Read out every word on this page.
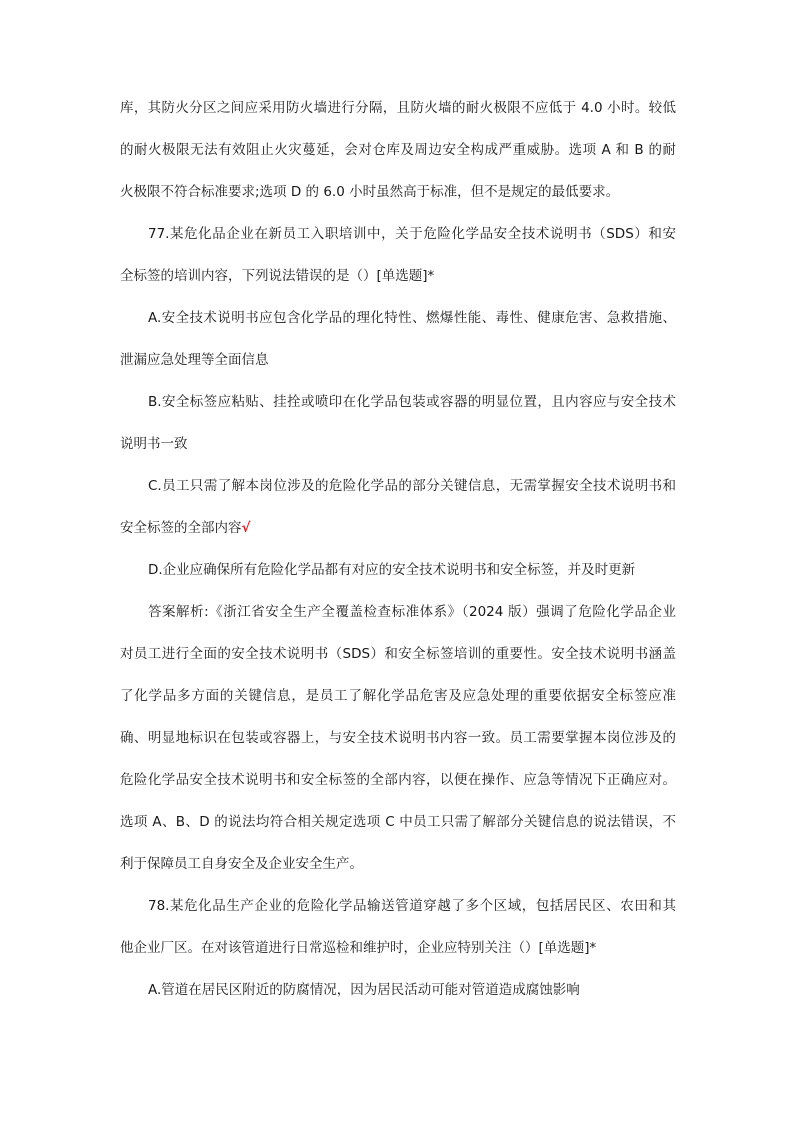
库，其防火分区之间应采用防火墙进行分隔，且防火墙的耐火极限不应低于 4.0 小时。较低
的耐火极限无法有效阻止火灾蔓延，会对仓库及周边安全构成严重威胁。选项 A 和 B 的耐
火极限不符合标准要求;选项 D 的 6.0 小时虽然高于标准，但不是规定的最低要求。
77.某危化品企业在新员工入职培训中，关于危险化学品安全技术说明书（SDS）和安
全标签的培训内容，下列说法错误的是（）[单选题]*
A.安全技术说明书应包含化学品的理化特性、燃爆性能、毒性、健康危害、急救措施、
泄漏应急处理等全面信息
B.安全标签应粘贴、挂拴或喷印在化学品包装或容器的明显位置，且内容应与安全技术
说明书一致
C.员工只需了解本岗位涉及的危险化学品的部分关键信息，无需掌握安全技术说明书和
安全标签的全部内容√
D.企业应确保所有危险化学品都有对应的安全技术说明书和安全标签，并及时更新
答案解析:《浙江省安全生产全覆盖检查标准体系》（2024 版）强调了危险化学品企业
对员工进行全面的安全技术说明书（SDS）和安全标签培训的重要性。安全技术说明书涵盖
了化学品多方面的关键信息，是员工了解化学品危害及应急处理的重要依据安全标签应准
确、明显地标识在包装或容器上，与安全技术说明书内容一致。员工需要掌握本岗位涉及的
危险化学品安全技术说明书和安全标签的全部内容，以便在操作、应急等情况下正确应对。
选项 A、B、D 的说法均符合相关规定选项 C 中员工只需了解部分关键信息的说法错误，不
利于保障员工自身安全及企业安全生产。
78.某危化品生产企业的危险化学品输送管道穿越了多个区域，包括居民区、农田和其
他企业厂区。在对该管道进行日常巡检和维护时，企业应特别关注（）[单选题]*
A.管道在居民区附近的防腐情况，因为居民活动可能对管道造成腐蚀影响
